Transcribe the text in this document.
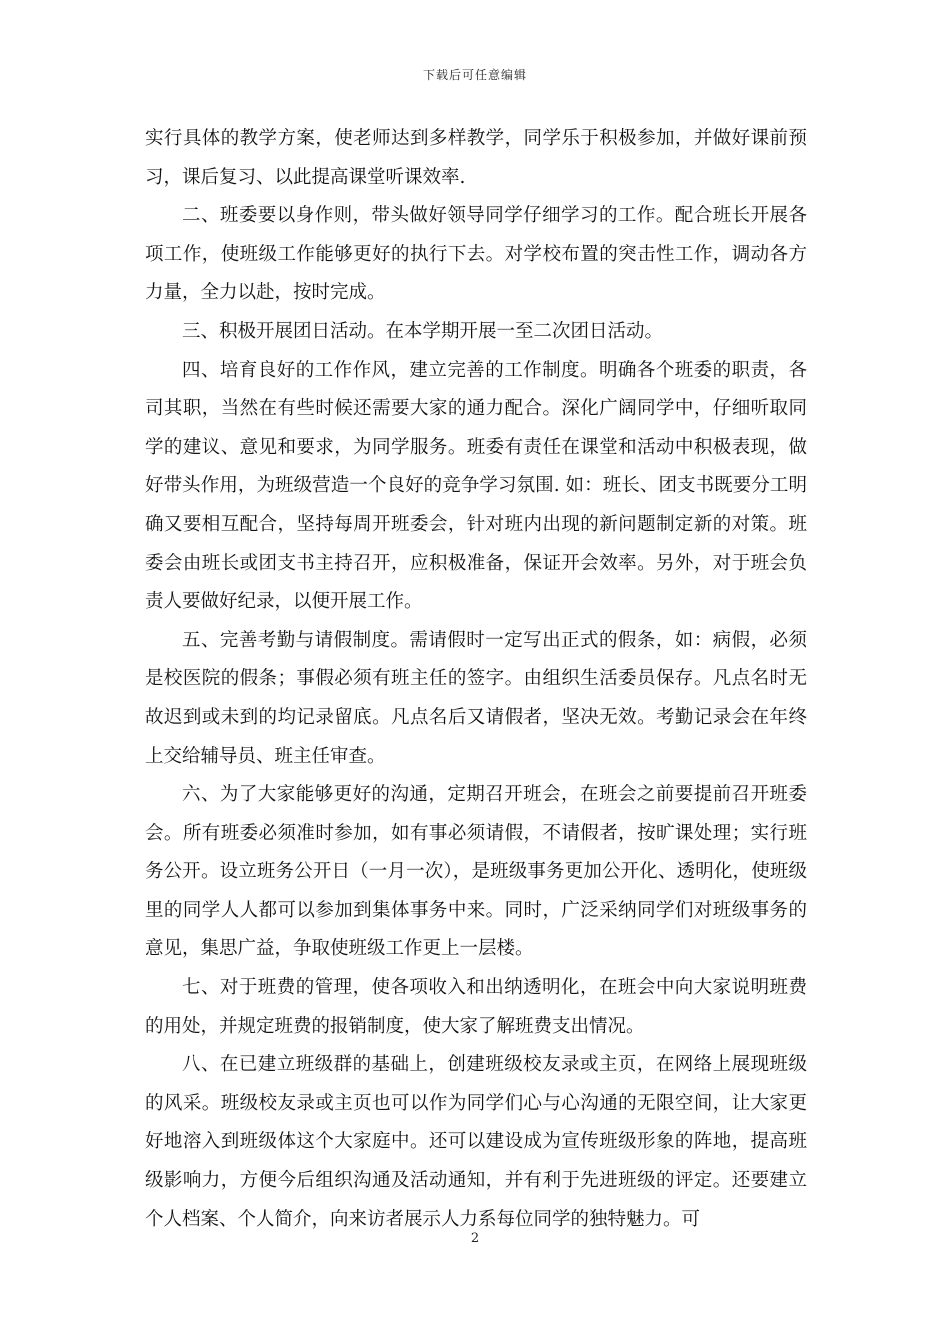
下载后可任意编辑

实行具体的教学方案，使老师达到多样教学，同学乐于积极参加，并做好课前预习，课后复习、以此提高课堂听课效率.

二、班委要以身作则，带头做好领导同学仔细学习的工作。配合班长开展各项工作，使班级工作能够更好的执行下去。对学校布置的突击性工作，调动各方力量，全力以赴，按时完成。

三、积极开展团日活动。在本学期开展一至二次团日活动。

四、培育良好的工作作风，建立完善的工作制度。明确各个班委的职责，各司其职，当然在有些时候还需要大家的通力配合。深化广阔同学中，仔细听取同学的建议、意见和要求，为同学服务。班委有责任在课堂和活动中积极表现，做好带头作用，为班级营造一个良好的竞争学习氛围. 如：班长、团支书既要分工明确又要相互配合，坚持每周开班委会，针对班内出现的新问题制定新的对策。班委会由班长或团支书主持召开，应积极准备，保证开会效率。另外，对于班会负责人要做好纪录，以便开展工作。

五、完善考勤与请假制度。需请假时一定写出正式的假条，如：病假，必须是校医院的假条；事假必须有班主任的签字。由组织生活委员保存。凡点名时无故迟到或未到的均记录留底。凡点名后又请假者，坚决无效。考勤记录会在年终上交给辅导员、班主任审查。

六、为了大家能够更好的沟通，定期召开班会，在班会之前要提前召开班委会。所有班委必须准时参加，如有事必须请假，不请假者，按旷课处理；实行班务公开。设立班务公开日（一月一次），是班级事务更加公开化、透明化，使班级里的同学人人都可以参加到集体事务中来。同时，广泛采纳同学们对班级事务的意见，集思广益，争取使班级工作更上一层楼。

七、对于班费的管理，使各项收入和出纳透明化，在班会中向大家说明班费的用处，并规定班费的报销制度，使大家了解班费支出情况。

八、在已建立班级群的基础上，创建班级校友录或主页，在网络上展现班级的风采。班级校友录或主页也可以作为同学们心与心沟通的无限空间，让大家更好地溶入到班级体这个大家庭中。还可以建设成为宣传班级形象的阵地，提高班级影响力，方便今后组织沟通及活动通知，并有利于先进班级的评定。还要建立个人档案、个人简介，向来访者展示人力系每位同学的独特魅力。可

2
